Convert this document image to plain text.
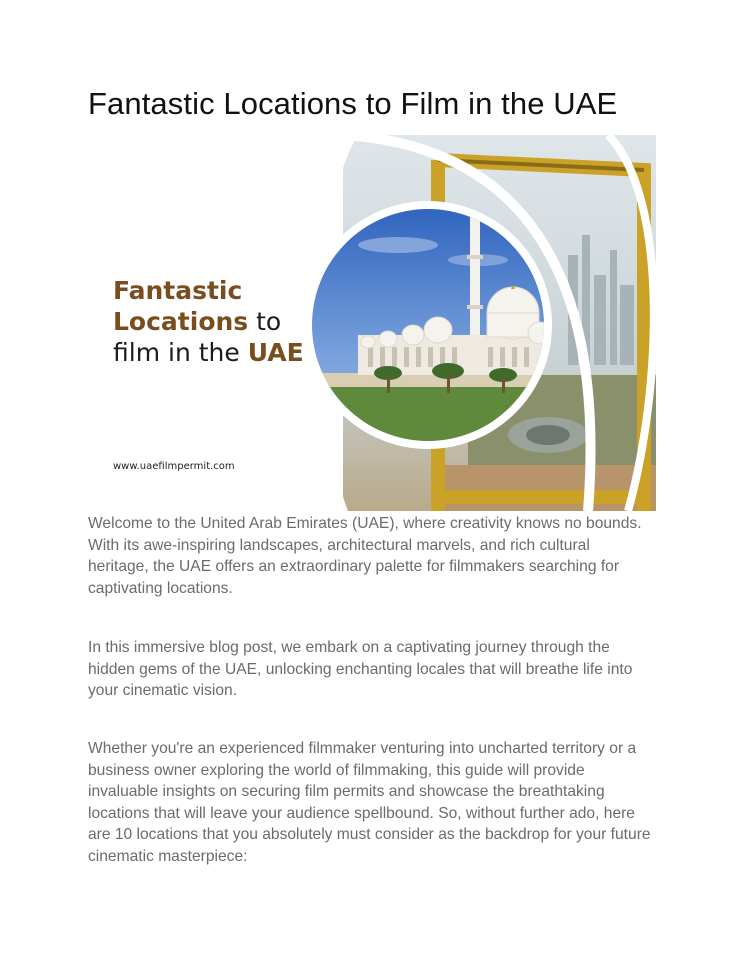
Fantastic Locations to Film in the UAE
Fantastic
Locations to
film in the UAE
www.uaefilmpermit.com

Welcome to the United Arab Emirates (UAE), where creativity knows no bounds. With its awe-inspiring landscapes, architectural marvels, and rich cultural heritage, the UAE offers an extraordinary palette for filmmakers searching for captivating locations.

In this immersive blog post, we embark on a captivating journey through the hidden gems of the UAE, unlocking enchanting locales that will breathe life into your cinematic vision.

Whether you're an experienced filmmaker venturing into uncharted territory or a business owner exploring the world of filmmaking, this guide will provide invaluable insights on securing film permits and showcase the breathtaking locations that will leave your audience spellbound. So, without further ado, here are 10 locations that you absolutely must consider as the backdrop for your future cinematic masterpiece:
